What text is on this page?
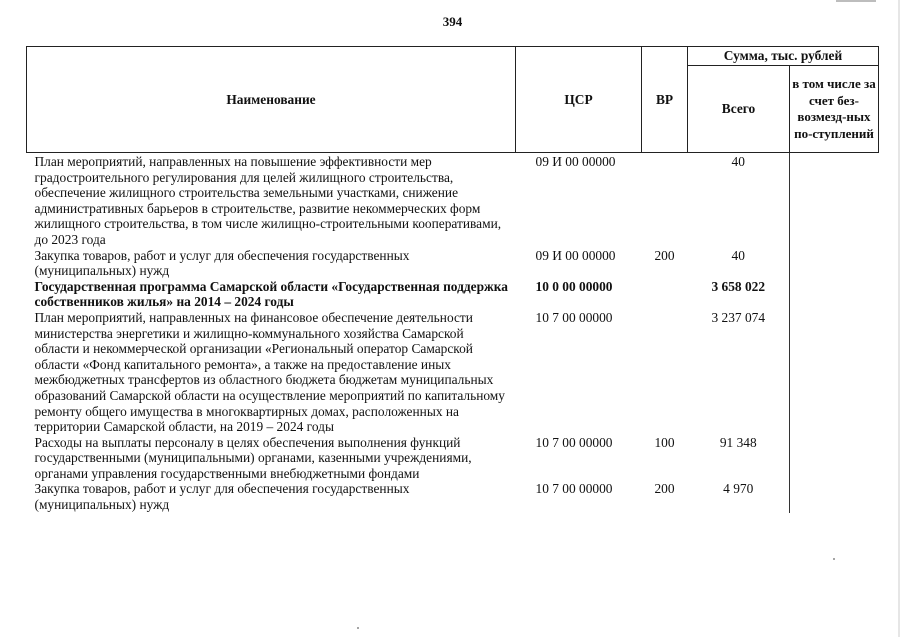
394
Наименование	ЦСР	ВР	Сумма, тыс. рублей	
			Всего	в том числе за счет без-возмезд-ных по-ступлений
План мероприятий, направленных на повышение эффективности мер градостроительного регулирования для целей жилищного строительства, обеспечение жилищного строительства земельными участками, снижение административных барьеров в строительстве, развитие некоммерческих форм жилищного строительства, в том числе жилищно-строительными кооперативами, до 2023 года	09 И 00 00000		40	
Закупка товаров, работ и услуг для обеспечения государственных (муниципальных) нужд	09 И 00 00000	200	40	
Государственная программа Самарской области «Государственная поддержка собственников жилья» на 2014 – 2024 годы	10 0 00 00000		3 658 022	
План мероприятий, направленных на финансовое обеспечение деятельности министерства энергетики и жилищно-коммунального хозяйства Самарской области и некоммерческой организации «Региональный оператор Самарской области «Фонд капитального ремонта», а также на предоставление иных межбюджетных трансфертов из областного бюджета бюджетам муниципальных образований Самарской области на осуществление мероприятий по капитальному ремонту общего имущества в многоквартирных домах, расположенных на территории Самарской области, на 2019 – 2024 годы	10 7 00 00000		3 237 074	
Расходы на выплаты персоналу в целях обеспечения выполнения функций государственными (муниципальными) органами, казенными учреждениями, органами управления государственными внебюджетными фондами	10 7 00 00000	100	91 348	
Закупка товаров, работ и услуг для обеспечения государственных (муниципальных) нужд	10 7 00 00000	200	4 970	
